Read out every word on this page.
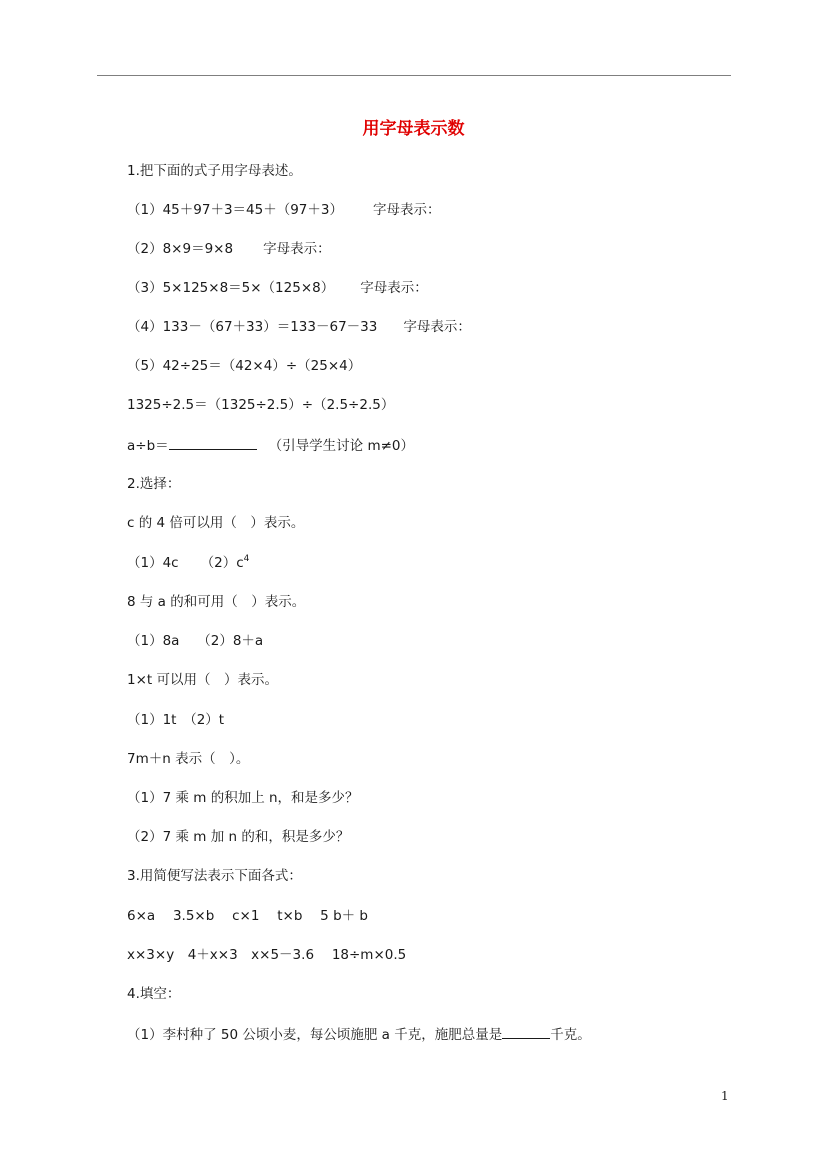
用字母表示数
1.把下面的式子用字母表述。
（1）45＋97＋3＝45＋（97＋3） 字母表示：
（2）8×9＝9×8 字母表示：
（3）5×125×8＝5×（125×8） 字母表示：
（4）133－（67＋33）＝133－67－33 字母表示：
（5）42÷25＝（42×4）÷（25×4）
1325÷2.5＝（1325÷2.5）÷（2.5÷2.5）
a÷b＝	（引导学生讨论 m≠0）
2.选择：
c 的 4 倍可以用（　）表示。
（1）4c $(2)c^4$
8 与 a 的和可用（　）表示。
（1）8a　 （2）8＋a
1×t 可以用（　）表示。
（1）1t　（2）t
7m＋n 表示（　）。
（1）7 乘 m 的积加上 n，和是多少？
（2）7 乘 m 加 n 的和，积是多少？
3.用简便写法表示下面各式：
6×a　 3.5×b　 c×1　 t×b　 5 b＋ b
x×3×y　4＋x×3　x×5－3.6　 18÷m×0.5
4.填空：
（1）李村种了 50 公顷小麦，每公顷施肥 a 千克，施肥总量是	千克。
1
